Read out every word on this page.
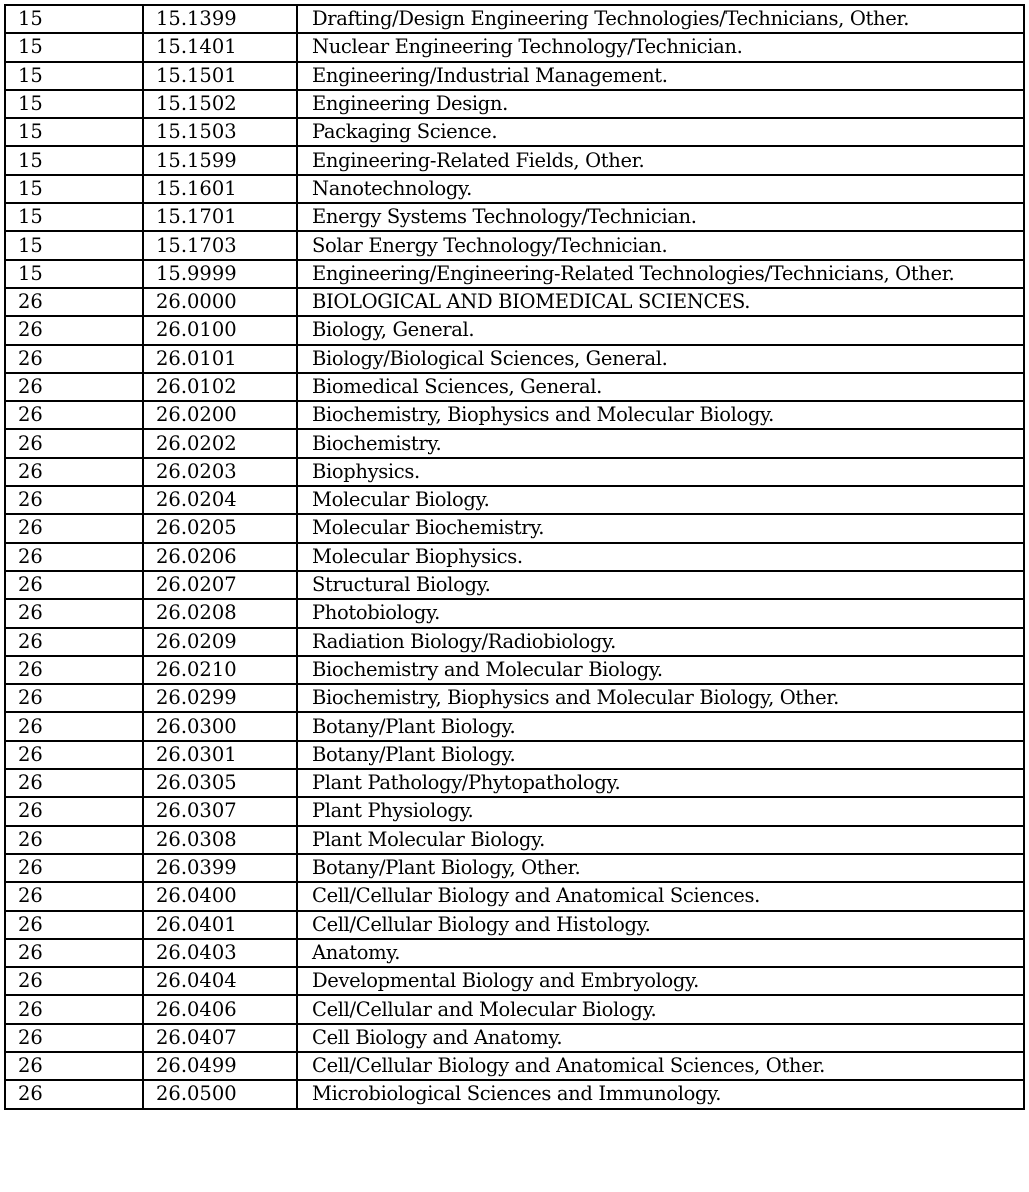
15	15.1399	Drafting/Design Engineering Technologies/Technicians, Other.
15	15.1401	Nuclear Engineering Technology/Technician.
15	15.1501	Engineering/Industrial Management.
15	15.1502	Engineering Design.
15	15.1503	Packaging Science.
15	15.1599	Engineering-Related Fields, Other.
15	15.1601	Nanotechnology.
15	15.1701	Energy Systems Technology/Technician.
15	15.1703	Solar Energy Technology/Technician.
15	15.9999	Engineering/Engineering-Related Technologies/Technicians, Other.
26	26.0000	BIOLOGICAL AND BIOMEDICAL SCIENCES.
26	26.0100	Biology, General.
26	26.0101	Biology/Biological Sciences, General.
26	26.0102	Biomedical Sciences, General.
26	26.0200	Biochemistry, Biophysics and Molecular Biology.
26	26.0202	Biochemistry.
26	26.0203	Biophysics.
26	26.0204	Molecular Biology.
26	26.0205	Molecular Biochemistry.
26	26.0206	Molecular Biophysics.
26	26.0207	Structural Biology.
26	26.0208	Photobiology.
26	26.0209	Radiation Biology/Radiobiology.
26	26.0210	Biochemistry and Molecular Biology.
26	26.0299	Biochemistry, Biophysics and Molecular Biology, Other.
26	26.0300	Botany/Plant Biology.
26	26.0301	Botany/Plant Biology.
26	26.0305	Plant Pathology/Phytopathology.
26	26.0307	Plant Physiology.
26	26.0308	Plant Molecular Biology.
26	26.0399	Botany/Plant Biology, Other.
26	26.0400	Cell/Cellular Biology and Anatomical Sciences.
26	26.0401	Cell/Cellular Biology and Histology.
26	26.0403	Anatomy.
26	26.0404	Developmental Biology and Embryology.
26	26.0406	Cell/Cellular and Molecular Biology.
26	26.0407	Cell Biology and Anatomy.
26	26.0499	Cell/Cellular Biology and Anatomical Sciences, Other.
26	26.0500	Microbiological Sciences and Immunology.
